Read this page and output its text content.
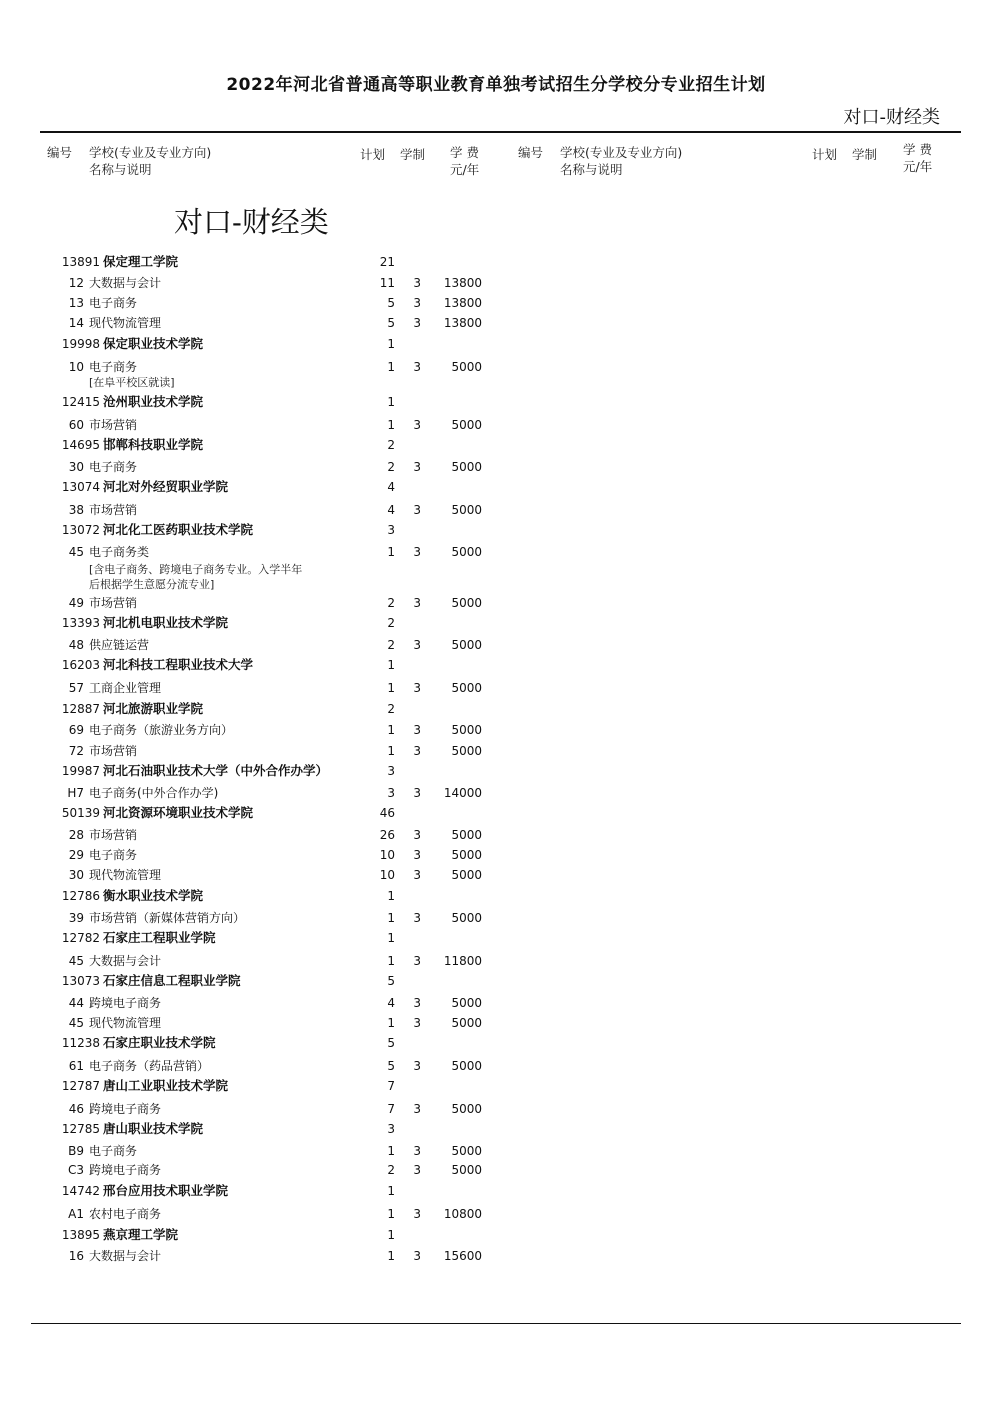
2022年河北省普通高等职业教育单独考试招生分学校分专业招生计划
对口-财经类
编号 学校(专业及专业方向)
名称与说明
计划 学制 学 费
元/年
编号 学校(专业及专业方向)
名称与说明
计划 学制 学 费
元/年
对口-财经类
13891 保定理工学院	21
12 大数据与会计	11	3	13800
13 电子商务	5	3	13800
14 现代物流管理	5	3	13800
19998 保定职业技术学院	1
10 电子商务	1	3	5000
12415 沧州职业技术学院	1
60 市场营销	1	3	5000
14695 邯郸科技职业学院	2
30 电子商务	2	3	5000
13074 河北对外经贸职业学院	4
38 市场营销	4	3	5000
13072 河北化工医药职业技术学院	3
45 电子商务类	1	3	5000
49 市场营销	2	3	5000
13393 河北机电职业技术学院	2
48 供应链运营	2	3	5000
16203 河北科技工程职业技术大学	1
57 工商企业管理	1	3	5000
12887 河北旅游职业学院	2
69 电子商务（旅游业务方向）	1	3	5000
72 市场营销	1	3	5000
19987 河北石油职业技术大学（中外合作办学）	3
H7 电子商务(中外合作办学)	3	3	14000
50139 河北资源环境职业技术学院	46
28 市场营销	26	3	5000
29 电子商务	10	3	5000
30 现代物流管理	10	3	5000
12786 衡水职业技术学院	1
39 市场营销（新媒体营销方向）	1	3	5000
12782 石家庄工程职业学院	1
45 大数据与会计	1	3	11800
13073 石家庄信息工程职业学院	5
44 跨境电子商务	4	3	5000
45 现代物流管理	1	3	5000
11238 石家庄职业技术学院	5
61 电子商务（药品营销）	5	3	5000
12787 唐山工业职业技术学院	7
46 跨境电子商务	7	3	5000
12785 唐山职业技术学院	3
B9 电子商务	1	3	5000
C3 跨境电子商务	2	3	5000
14742 邢台应用技术职业学院	1
A1 农村电子商务	1	3	10800
13895 燕京理工学院	1
16 大数据与会计	1	3	15600
[在阜平校区就读]
[含电子商务、跨境电子商务专业。入学半年
后根据学生意愿分流专业]
